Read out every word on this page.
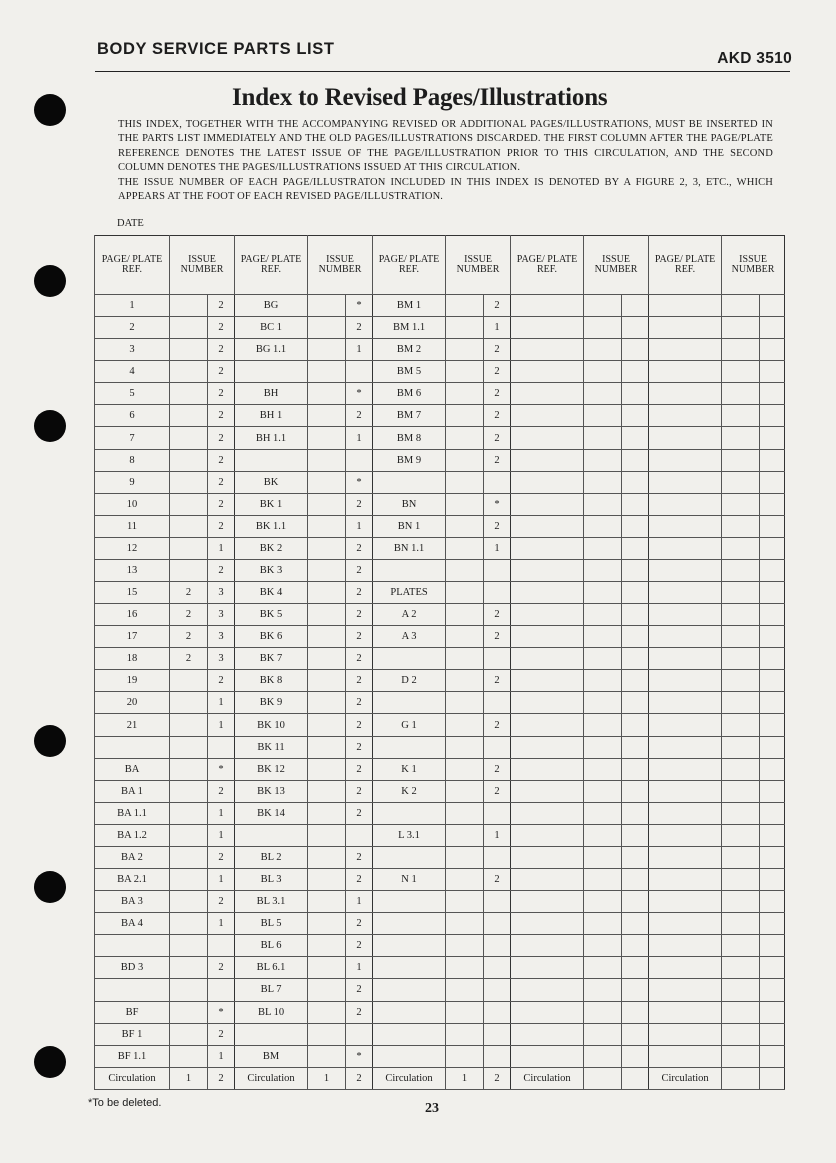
BODY SERVICE PARTS LIST
AKD 3510
Index to Revised Pages/Illustrations

THIS INDEX, TOGETHER WITH THE ACCOMPANYING REVISED OR ADDITIONAL PAGES/ILLUSTRATIONS, MUST BE INSERTED IN THE PARTS LIST IMMEDIATELY AND THE OLD PAGES/ILLUSTRATIONS DISCARDED. THE FIRST COLUMN AFTER THE PAGE/PLATE REFERENCE DENOTES THE LATEST ISSUE OF THE PAGE/ILLUSTRATION PRIOR TO THIS CIRCULATION, AND THE SECOND COLUMN DENOTES THE PAGES/ILLUSTRATIONS ISSUED AT THIS CIRCULATION.

THE ISSUE NUMBER OF EACH PAGE/ILLUSTRATON INCLUDED IN THIS INDEX IS DENOTED BY A FIGURE 2, 3, ETC., WHICH APPEARS AT THE FOOT OF EACH REVISED PAGE/ILLUSTRATION.

DATE
PAGE/ PLATE REF.	ISSUE NUMBER		PAGE/ PLATE REF.	ISSUE NUMBER		PAGE/ PLATE REF.	ISSUE NUMBER		PAGE/ PLATE REF.	ISSUE NUMBER		PAGE/ PLATE REF.	ISSUE NUMBER	
1		2	BG		*	BM 1		2						
2		2	BC 1		2	BM 1.1		1						
3		2	BG 1.1		1	BM 2		2						
4		2				BM 5		2						
5		2	BH		*	BM 6		2						
6		2	BH 1		2	BM 7		2						
7		2	BH 1.1		1	BM 8		2						
8		2				BM 9		2						
9		2	BK		*									
10		2	BK 1		2	BN		*						
11		2	BK 1.1		1	BN 1		2						
12		1	BK 2		2	BN 1.1		1						
13		2	BK 3		2									
15	2	3	BK 4		2	PLATES								
16	2	3	BK 5		2	A 2		2						
17	2	3	BK 6		2	A 3		2						
18	2	3	BK 7		2									
19		2	BK 8		2	D 2		2						
20		1	BK 9		2									
21		1	BK 10		2	G 1		2						
			BK 11		2									
BA		*	BK 12		2	K 1		2						
BA 1		2	BK 13		2	K 2		2						
BA 1.1		1	BK 14		2									
BA 1.2		1				L 3.1		1						
BA 2		2	BL 2		2									
BA 2.1		1	BL 3		2	N 1		2						
BA 3		2	BL 3.1		1									
BA 4		1	BL 5		2									
			BL 6		2									
BD 3		2	BL 6.1		1									
			BL 7		2									
BF		*	BL 10		2									
BF 1		2												
BF 1.1		1	BM		*									
Circulation	1	2	Circulation	1	2	Circulation	1	2	Circulation			Circulation		
*To be deleted.	23
